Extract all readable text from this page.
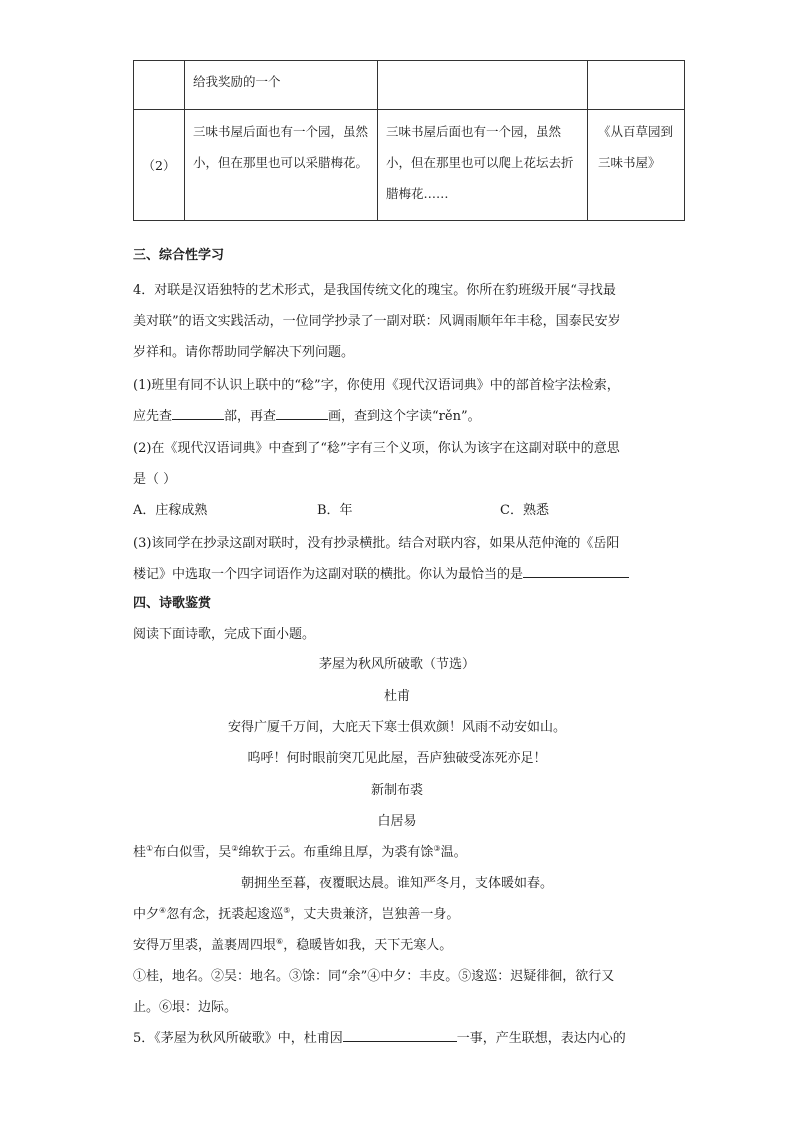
	给我奖励的一个		
（2）	三味书屋后面也有一个园，虽然小，但在那里也可以采腊梅花。	三味书屋后面也有一个园，虽然小，但在那里也可以爬上花坛去折腊梅花……	《从百草园到三味书屋》
三、综合性学习
4．对联是汉语独特的艺术形式，是我国传统文化的瑰宝。你所在豹班级开展“寻找最
美对联”的语文实践活动，一位同学抄录了一副对联：风调雨顺年年丰稔，国泰民安岁
岁祥和。请你帮助同学解决下列问题。
(1)班里有同不认识上联中的“稔”字，你使用《现代汉语词典》中的部首检字法检索，
应先查	部，再查	画，查到这个字读“rěn”。
(2)在《现代汉语词典》中查到了“稔”字有三个义项，你认为该字在这副对联中的意思
是（ ）
A．庄稼成熟	B．年	C．熟悉
(3)该同学在抄录这副对联时，没有抄录横批。结合对联内容，如果从范仲淹的《岳阳
楼记》中选取一个四字词语作为这副对联的横批。你认为最恰当的是
四、诗歌鉴赏
阅读下面诗歌，完成下面小题。
茅屋为秋风所破歌（节选）
杜甫
安得广厦千万间，大庇天下寒士俱欢颜！风雨不动安如山。
呜呼！何时眼前突兀见此屋，吾庐独破受冻死亦足！
新制布裘
白居易
桂①布白似雪，吴②绵软于云。布重绵且厚，为裘有馀③温。
朝拥坐至暮，夜覆眠达晨。谁知严冬月，支体暖如春。
中夕④忽有念，抚裘起逡巡⑤，丈夫贵兼济，岂独善一身。
安得万里裘，盖裹周四垠⑥，稳暖皆如我，天下无寒人。
①桂，地名。②吴：地名。③馀：同“余”④中夕：丰皮。⑤逡巡：迟疑徘徊，欲行又
止。⑥垠：边际。
5．《茅屋为秋风所破歌》中，杜甫因	一事，产生联想，表达内心的
